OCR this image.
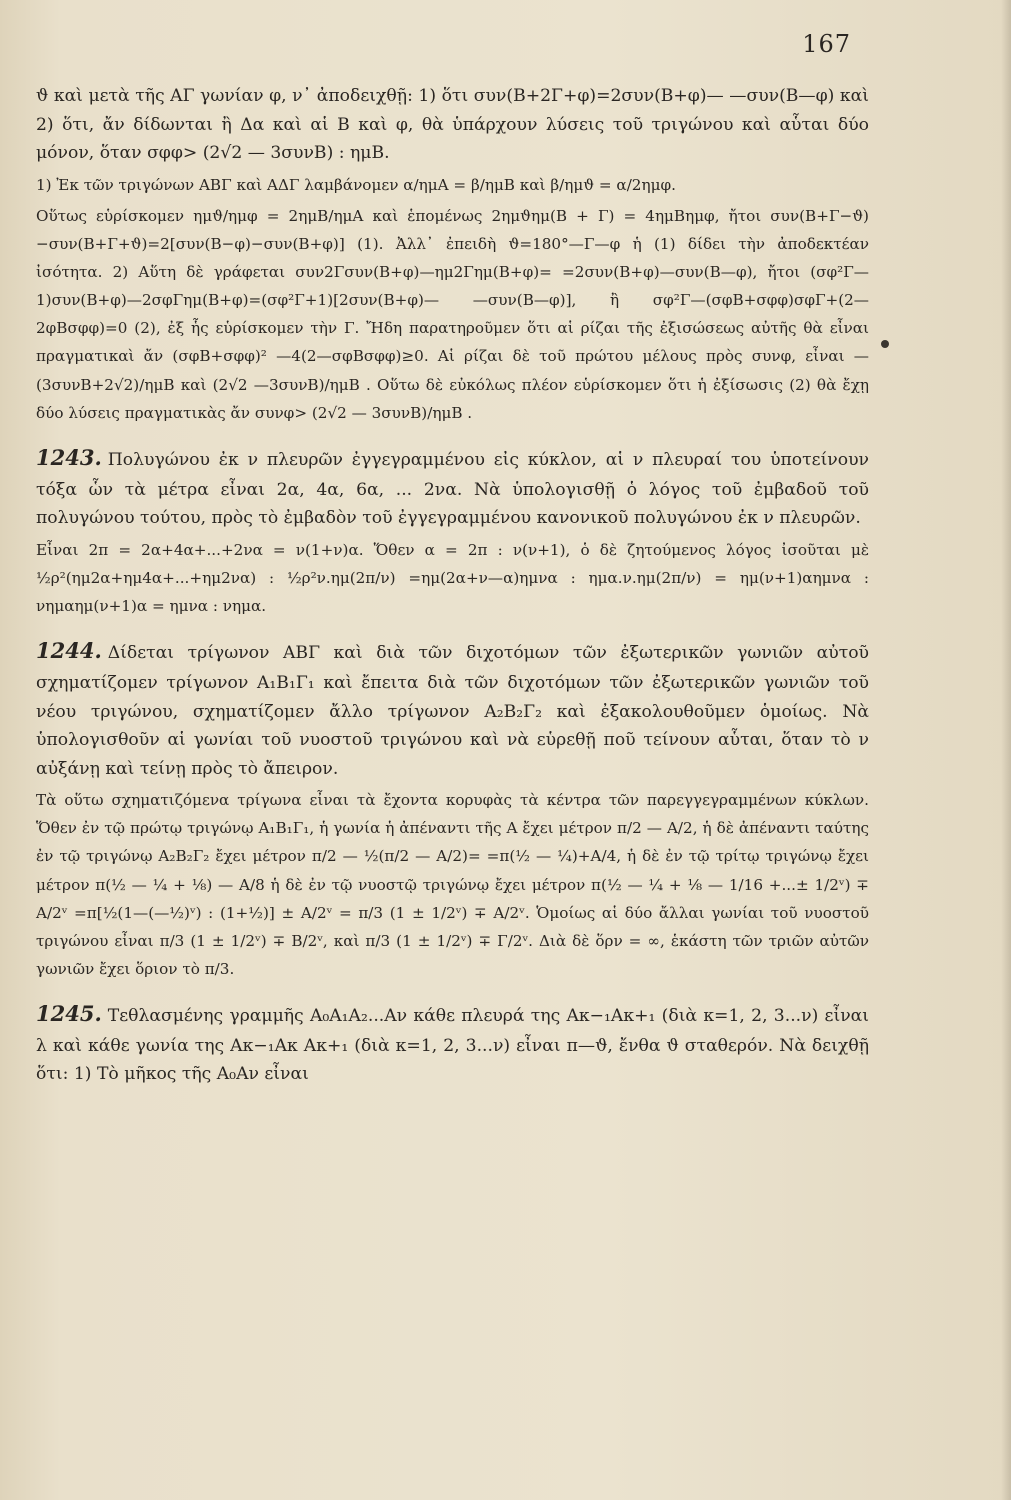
167

ϑ καὶ μετὰ τῆς ΑΓ γωνίαν φ, ν᾽ ἀποδειχθῇ: 1) ὅτι συν(Β+2Γ+φ)=2συν(Β+φ)— —συν(Β—φ) καὶ 2) ὅτι, ἄν δίδωνται ἢ Δα καὶ αἱ Β καὶ φ, θὰ ὑπάρχουν λύσεις τοῦ τριγώνου καὶ αὗται δύο μόνον, ὅταν σφφ> (2√2 — 3συνΒ) : ημΒ.

1) Ἐκ τῶν τριγώνων ΑΒΓ καὶ ΑΔΓ λαμβάνομεν α/ημΑ = β/ημΒ καὶ β/ημϑ = α/2ημφ.

Οὕτως εὑρίσκομεν ημϑ/ημφ = 2ημΒ/ημΑ καὶ ἑπομένως 2ημϑημ(Β + Γ) = 4ημΒημφ, ἤτοι συν(Β+Γ−ϑ)−συν(Β+Γ+ϑ)=2[συν(Β−φ)−συν(Β+φ)] (1). Ἀλλ᾽ ἐπειδὴ ϑ=180°—Γ—φ ἡ (1) δίδει τὴν ἀποδεκτέαν ἰσότητα. 2) Αὕτη δὲ γράφεται συν2Γσυν(Β+φ)—ημ2Γημ(Β+φ)= =2συν(Β+φ)—συν(Β—φ), ἤτοι (σφ²Γ—1)συν(Β+φ)—2σφΓημ(Β+φ)=(σφ²Γ+1)[2συν(Β+φ)— —συν(Β—φ)], ἢ σφ²Γ—(σφΒ+σφφ)σφΓ+(2—2φΒσφφ)=0 (2), ἐξ ἧς εὑρίσκομεν τὴν Γ. Ἤδη παρατηροῦμεν ὅτι αἱ ρίζαι τῆς ἐξισώσεως αὐτῆς θὰ εἶναι πραγματικαὶ ἄν (σφΒ+σφφ)² —4(2—σφΒσφφ)≥0. Αἱ ρίζαι δὲ τοῦ πρώτου μέλους πρὸς συνφ, εἶναι — (3συνΒ+2√2)/ημΒ καὶ (2√2 —3συνΒ)/ημΒ . Οὕτω δὲ εὐκόλως πλέον εὑρίσκομεν ὅτι ἡ ἐξίσωσις (2) θὰ ἔχῃ δύο λύσεις πραγματικὰς ἄν συνφ> (2√2 — 3συνΒ)/ημΒ .

1243. Πολυγώνου ἐκ ν πλευρῶν ἐγγεγραμμένου εἰς κύκλον, αἱ ν πλευραί του ὑποτείνουν τόξα ὧν τὰ μέτρα εἶναι 2α, 4α, 6α, ... 2να. Νὰ ὑπολογισθῇ ὁ λόγος τοῦ ἐμβαδοῦ τοῦ πολυγώνου τούτου, πρὸς τὸ ἐμβαδὸν τοῦ ἐγγεγραμμένου κανονικοῦ πολυγώνου ἐκ ν πλευρῶν.

Εἶναι 2π = 2α+4α+...+2να = ν(1+ν)α. Ὅθεν α = 2π : ν(ν+1), ὁ δὲ ζητούμενος λόγος ἰσοῦται μὲ ½ρ²(ημ2α+ημ4α+...+ημ2να) : ½ρ²ν.ημ(2π/ν) =ημ(2α+ν—α)ημνα : ημα.ν.ημ(2π/ν) = ημ(ν+1)αημνα : νημαημ(ν+1)α = ημνα : νημα.

1244. Δίδεται τρίγωνον ΑΒΓ καὶ διὰ τῶν διχοτόμων τῶν ἐξωτερικῶν γωνιῶν αὐτοῦ σχηματίζομεν τρίγωνον Α₁Β₁Γ₁ καὶ ἔπειτα διὰ τῶν διχοτόμων τῶν ἐξωτερικῶν γωνιῶν τοῦ νέου τριγώνου, σχηματίζομεν ἄλλο τρίγωνον Α₂Β₂Γ₂ καὶ ἐξακολουθοῦμεν ὁμοίως. Νὰ ὑπολογισθοῦν αἱ γωνίαι τοῦ νυοστοῦ τριγώνου καὶ νὰ εὑρεθῇ ποῦ τείνουν αὗται, ὅταν τὸ ν αὐξάνῃ καὶ τείνῃ πρὸς τὸ ἄπειρον.

Τὰ οὕτω σχηματιζόμενα τρίγωνα εἶναι τὰ ἔχοντα κορυφὰς τὰ κέντρα τῶν παρεγγεγραμμένων κύκλων. Ὅθεν ἐν τῷ πρώτῳ τριγώνῳ Α₁Β₁Γ₁, ἡ γωνία ἡ ἀπέναντι τῆς Α ἔχει μέτρον π/2 — Α/2, ἡ δὲ ἀπέναντι ταύτης ἐν τῷ τριγώνῳ Α₂Β₂Γ₂ ἔχει μέτρον π/2 — ½(π/2 — Α/2)= =π(½ — ¼)+Α/4, ἡ δὲ ἐν τῷ τρίτῳ τριγώνῳ ἔχει μέτρον π(½ — ¼ + ⅛) — Α/8 ἡ δὲ ἐν τῷ νυοστῷ τριγώνῳ ἔχει μέτρον π(½ — ¼ + ⅛ — 1/16 +...± 1/2ᵛ) ∓ Α/2ᵛ =π[½(1—(—½)ᵛ) : (1+½)] ± Α/2ᵛ = π/3 (1 ± 1/2ᵛ) ∓ Α/2ᵛ. Ὁμοίως αἱ δύο ἄλλαι γωνίαι τοῦ νυοστοῦ τριγώνου εἶναι π/3 (1 ± 1/2ᵛ) ∓ Β/2ᵛ, καὶ π/3 (1 ± 1/2ᵛ) ∓ Γ/2ᵛ. Διὰ δὲ ὅρν = ∞, ἑκάστη τῶν τριῶν αὐτῶν γωνιῶν ἔχει ὅριον τὸ π/3.

1245. Τεθλασμένης γραμμῆς Α₀Α₁Α₂...Αν κάθε πλευρά της Ακ−₁Ακ+₁ (διὰ κ=1, 2, 3...ν) εἶναι λ καὶ κάθε γωνία της Ακ−₁Ακ Ακ+₁ (διὰ κ=1, 2, 3...ν) εἶναι π—ϑ, ἔνθα ϑ σταθερόν. Νὰ δειχθῇ ὅτι: 1) Τὸ μῆκος τῆς Α₀Αν εἶναι
